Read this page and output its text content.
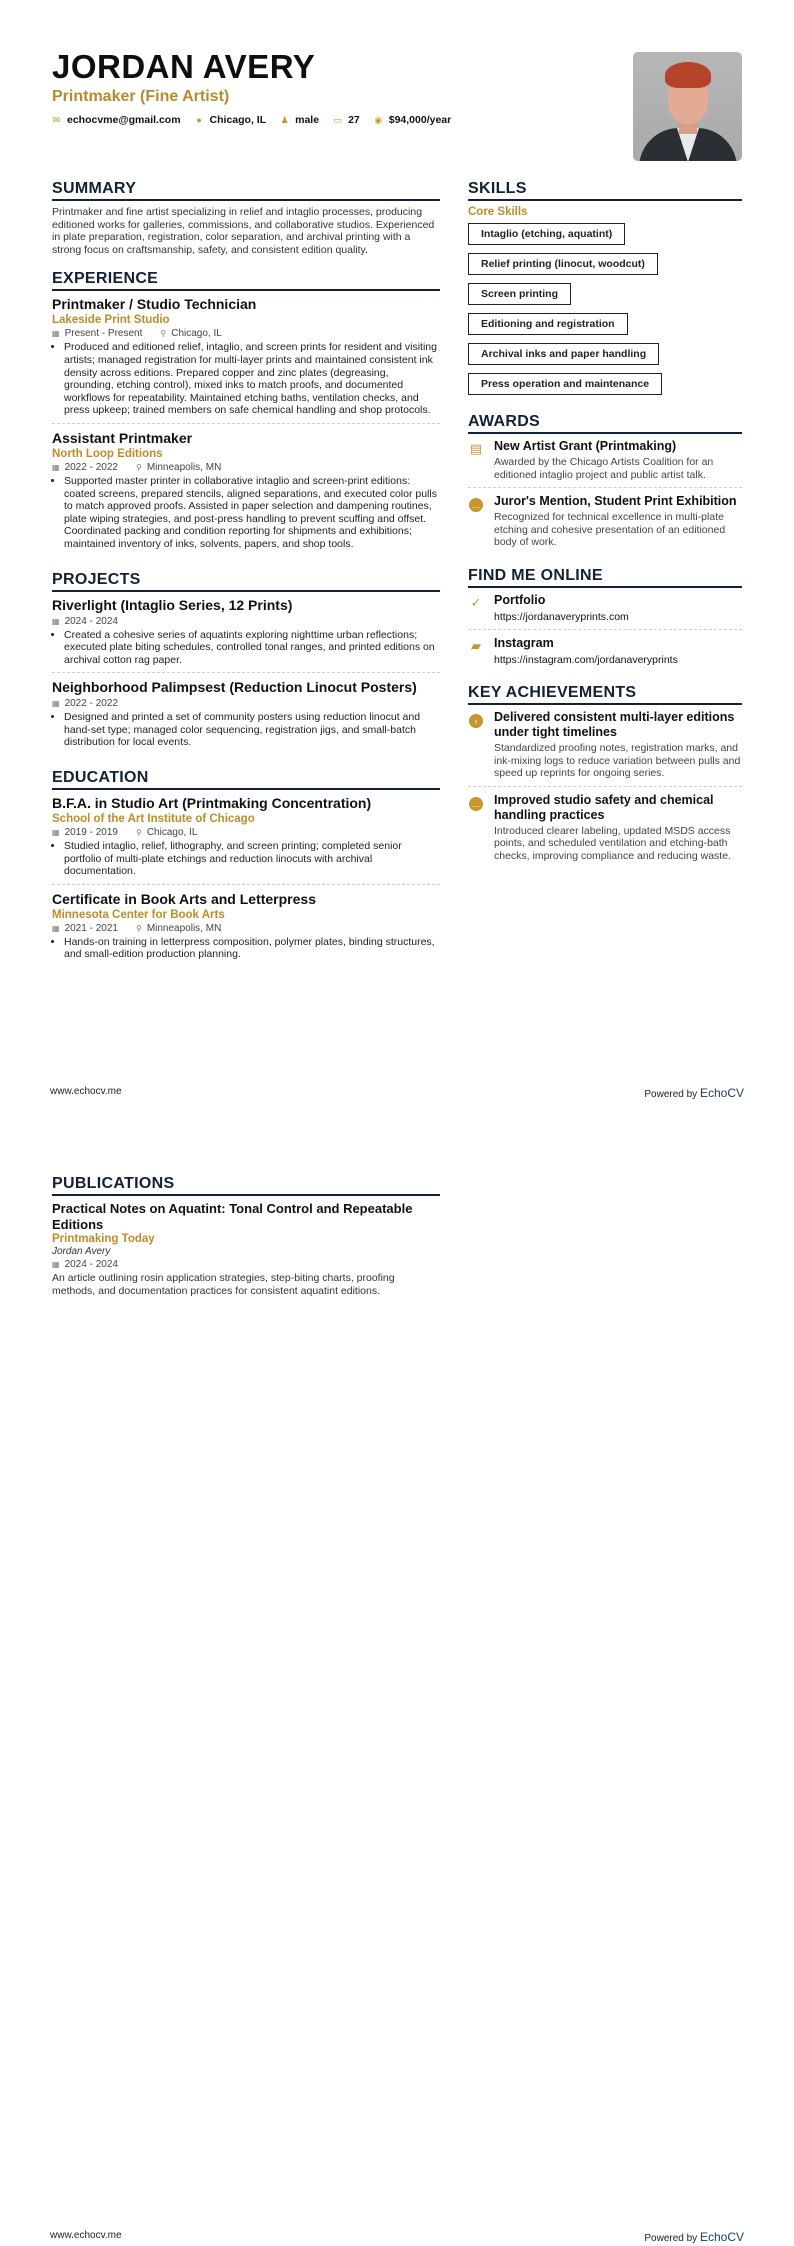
JORDAN AVERY
Printmaker (Fine Artist)
✉ echocvme@gmail.com ● Chicago, IL ♟ male ▭ 27 ◉ $94,000/year
SUMMARY

Printmaker and fine artist specializing in relief and intaglio processes, producing editioned works for galleries, commissions, and collaborative studios. Experienced in plate preparation, registration, color separation, and archival printing with a strong focus on craftsmanship, safety, and consistent edition quality.

EXPERIENCE
Printmaker / Studio Technician
Lakeside Print Studio
▦ Present - Present ⚲ Chicago, IL
• Produced and editioned relief, intaglio, and screen prints for resident and visiting artists; managed registration for multi-layer prints and maintained consistent ink density across editions. Prepared copper and zinc plates (degreasing, grounding, etching control), mixed inks to match proofs, and documented workflows for repeatability. Maintained etching baths, ventilation checks, and press upkeep; trained members on safe chemical handling and shop protocols.
Assistant Printmaker
North Loop Editions
▦ 2022 - 2022 ⚲ Minneapolis, MN
• Supported master printer in collaborative intaglio and screen-print editions: coated screens, prepared stencils, aligned separations, and executed color pulls to match approved proofs. Assisted in paper selection and dampening routines, plate wiping strategies, and post-press handling to prevent scuffing and offset. Coordinated packing and condition reporting for shipments and exhibitions; maintained inventory of inks, solvents, papers, and shop tools.
PROJECTS
Riverlight (Intaglio Series, 12 Prints)
▦ 2024 - 2024
• Created a cohesive series of aquatints exploring nighttime urban reflections; executed plate biting schedules, controlled tonal ranges, and printed editions on archival cotton rag paper.
Neighborhood Palimpsest (Reduction Linocut Posters)
▦ 2022 - 2022
• Designed and printed a set of community posters using reduction linocut and hand-set type; managed color sequencing, registration jigs, and small-batch distribution for local events.
EDUCATION
B.F.A. in Studio Art (Printmaking Concentration)
School of the Art Institute of Chicago
▦ 2019 - 2019 ⚲ Chicago, IL
• Studied intaglio, relief, lithography, and screen printing; completed senior portfolio of multi-plate etchings and reduction linocuts with archival documentation.
Certificate in Book Arts and Letterpress
Minnesota Center for Book Arts
▦ 2021 - 2021 ⚲ Minneapolis, MN
• Hands-on training in letterpress composition, polymer plates, binding structures, and small-edition production planning.
SKILLS
Core Skills
Intaglio (etching, aquatint)
Relief printing (linocut, woodcut)
Screen printing
Editioning and registration
Archival inks and paper handling
Press operation and maintenance
AWARDS
▤ New Artist Grant (Printmaking)
Awarded by the Chicago Artists Coalition for an editioned intaglio project and public artist talk.
… Juror's Mention, Student Print Exhibition
Recognized for technical excellence in multi-plate etching and cohesive presentation of an editioned body of work.
FIND ME ONLINE
✓ Portfolio
https://jordanaveryprints.com
▰ Instagram
https://instagram.com/jordanaveryprints
KEY ACHIEVEMENTS
‹	Delivered consistent multi-layer editions under tight timelines
Standardized proofing notes, registration marks, and ink-mixing logs to reduce variation between pulls and speed up reprints for ongoing series.
… Improved studio safety and chemical handling practices
Introduced clearer labeling, updated MSDS access points, and scheduled ventilation and etching-bath checks, improving compliance and reducing waste.
www.echocv.me	Powered by EchoCV
PUBLICATIONS
Practical Notes on Aquatint: Tonal Control and Repeatable Editions
Printmaking Today
Jordan Avery
▦ 2024 - 2024

An article outlining rosin application strategies, step-biting charts, proofing methods, and documentation practices for consistent aquatint editions.

www.echocv.me	Powered by EchoCV
